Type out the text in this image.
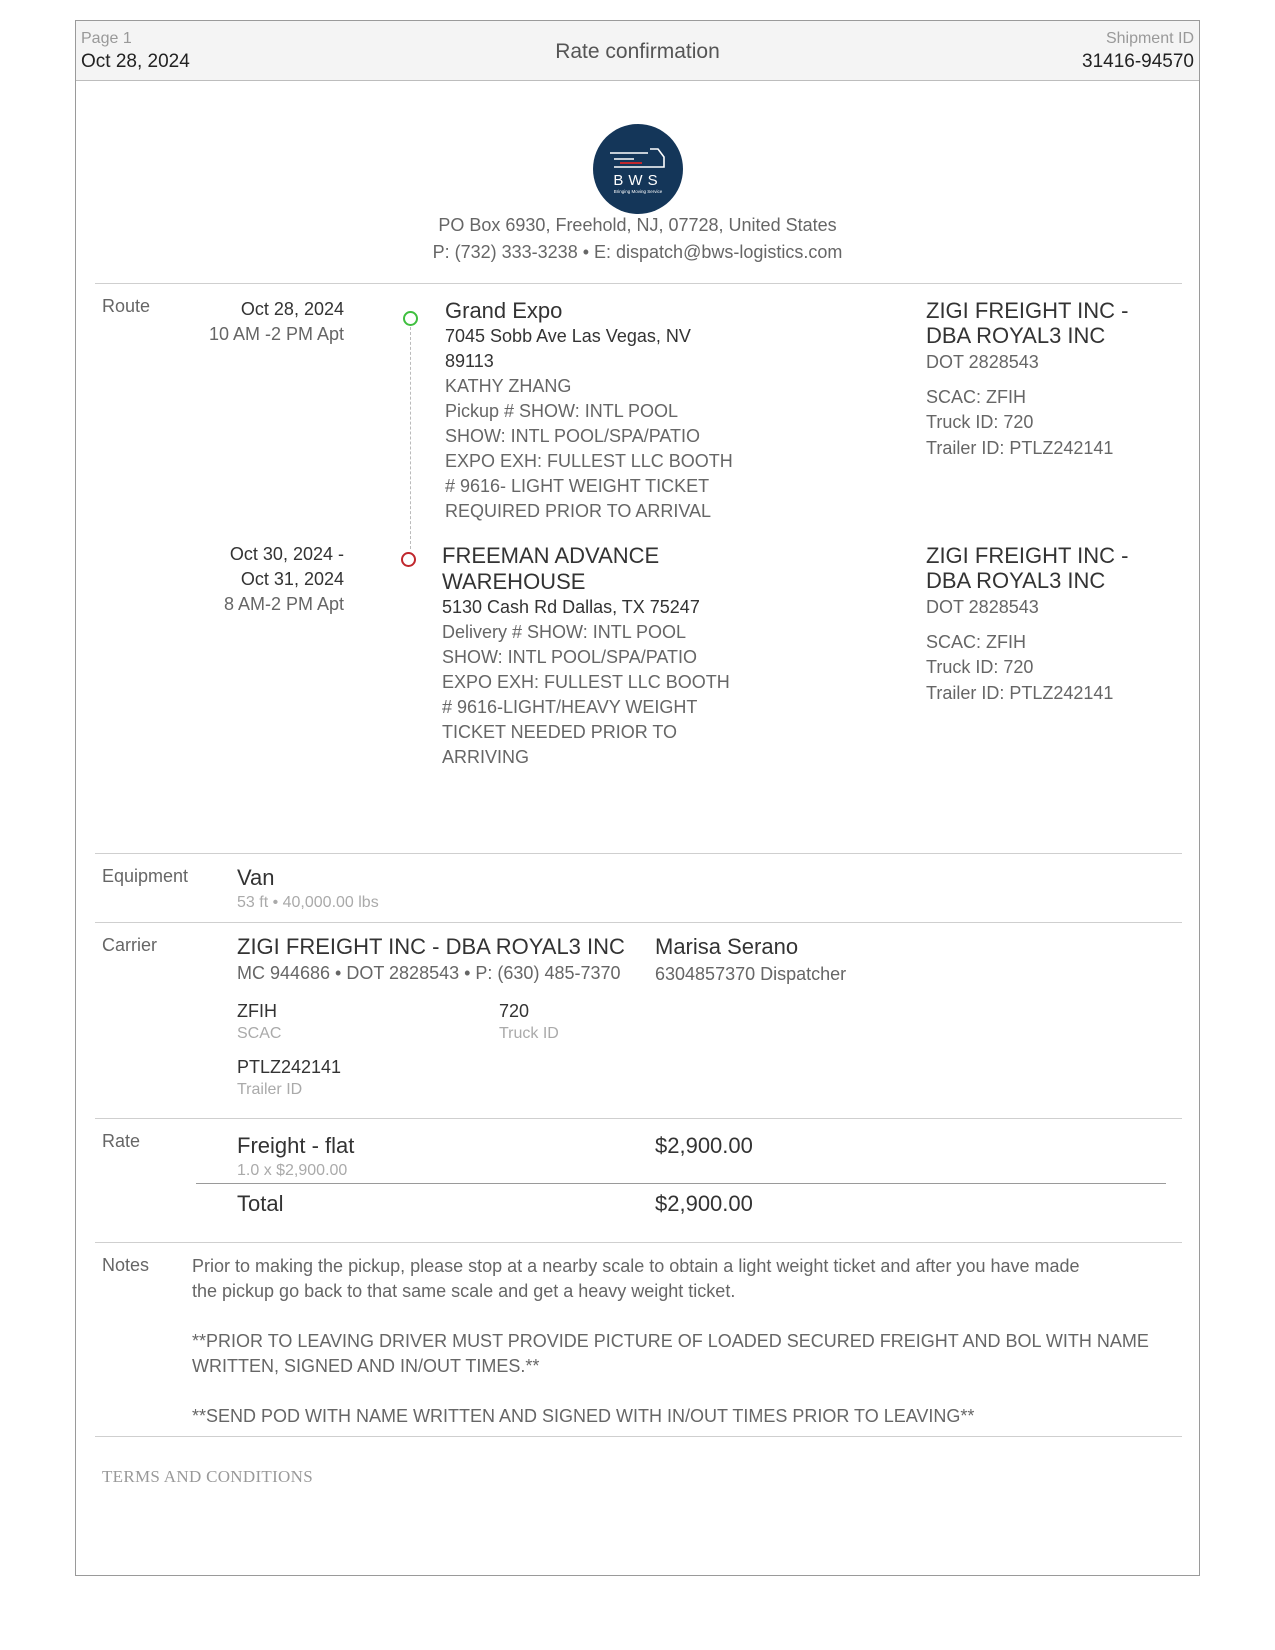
Page 1
Oct 28, 2024	Rate confirmation
Shipment ID
31416-94570
BWS
Bringing Moving Service
PO Box 6930, Freehold, NJ, 07728, United States
P: (732) 333-3238 • E: dispatch@bws-logistics.com
Route	Oct 28, 2024
10 AM -2 PM Apt
Grand Expo
7045 Sobb Ave Las Vegas, NV
89113
KATHY ZHANG
Pickup # SHOW: INTL POOL
SHOW: INTL POOL/SPA/PATIO
EXPO EXH: FULLEST LLC BOOTH
# 9616- LIGHT WEIGHT TICKET
REQUIRED PRIOR TO ARRIVAL
ZIGI FREIGHT INC -
DBA ROYAL3 INC
DOT 2828543
SCAC: ZFIH
Truck ID: 720
Trailer ID: PTLZ242141
Oct 30, 2024 -
Oct 31, 2024
8 AM-2 PM Apt
FREEMAN ADVANCE
WAREHOUSE
5130 Cash Rd Dallas, TX 75247
Delivery # SHOW: INTL POOL
SHOW: INTL POOL/SPA/PATIO
EXPO EXH: FULLEST LLC BOOTH
# 9616-LIGHT/HEAVY WEIGHT
TICKET NEEDED PRIOR TO
ARRIVING
ZIGI FREIGHT INC -
DBA ROYAL3 INC
DOT 2828543
SCAC: ZFIH
Truck ID: 720
Trailer ID: PTLZ242141
Equipment Van
53 ft • 40,000.00 lbs
Carrier	ZIGI FREIGHT INC - DBA ROYAL3 INC
MC 944686 • DOT 2828543 • P: (630) 485-7370
Marisa Serano
6304857370 Dispatcher
ZFIH
SCAC
720
Truck ID
PTLZ242141
Trailer ID
Rate	Freight - flat
1.0 x $2,900.00
$2,900.00
Total	$2,900.00
Notes Prior to making the pickup, please stop at a nearby scale to obtain a light weight ticket and after you have made
the pickup go back to that same scale and get a heavy weight ticket.
**PRIOR TO LEAVING DRIVER MUST PROVIDE PICTURE OF LOADED SECURED FREIGHT AND BOL WITH NAME
WRITTEN, SIGNED AND IN/OUT TIMES.**
**SEND POD WITH NAME WRITTEN AND SIGNED WITH IN/OUT TIMES PRIOR TO LEAVING**
TERMS AND CONDITIONS
